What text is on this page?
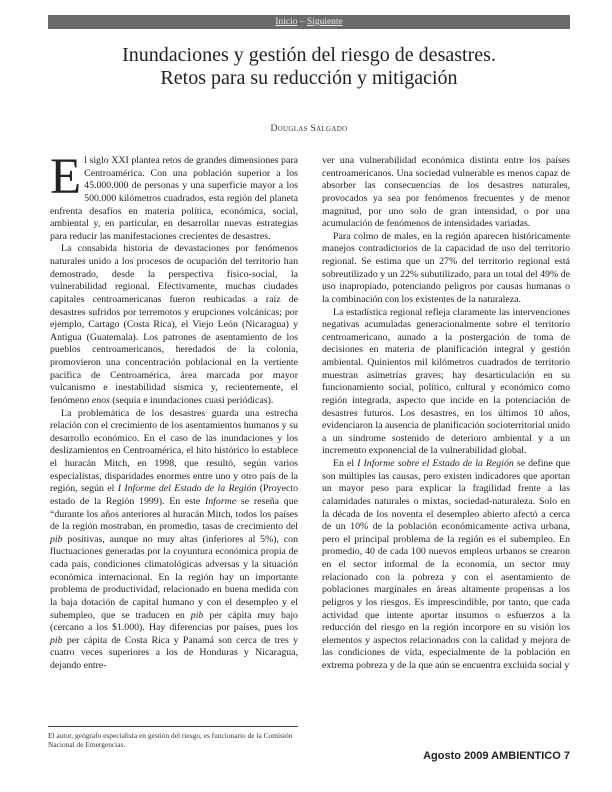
Inicio – Siguiente
Inundaciones y gestión del riesgo de desastres.
Retos para su reducción y mitigación
Douglas Salgado

El siglo XXI plantea retos de grandes dimensiones para Centroamérica. Con una población superior a los 45.000.000 de personas y una superficie mayor a los 500.000 kilómetros cuadrados, esta región del planeta enfrenta desafíos en materia política, económica, social, ambiental y, en particular, en desarrollar nuevas estrategias para reducir las manifestaciones crecientes de desastres.

La consabida historia de devastaciones por fenómenos naturales unido a los procesos de ocupación del territorio han demostrado, desde la perspectiva físico-social, la vulnerabilidad regional. Efectivamente, muchas ciudades capitales centroamericanas fueron reubicadas a raíz de desastres sufridos por terremotos y erupciones volcánicas; por ejemplo, Cartago (Costa Rica), el Viejo León (Nicaragua) y Antigua (Guatemala). Los patrones de asentamiento de los pueblos centroamericanos, heredados de la colonia, promovieron una concentración poblacional en la vertiente pacífica de Centroamérica, área marcada por mayor vulcanismo e inestabilidad sísmica y, recientemente, el fenómeno enos (sequía e inundaciones cuasi periódicas).

La problemática de los desastres guarda una estrecha relación con el crecimiento de los asentamientos humanos y su desarrollo económico. En el caso de las inundaciones y los deslizamientos en Centroamérica, el hito histórico lo establece el huracán Mitch, en 1998, que resultó, según varios especialistas, disparidades enormes entre uno y otro país de la región, según el I Informe del Estado de la Región (Proyecto estado de la Región 1999). En este Informe se reseña que “durante los años anteriores al huracán Mitch, todos los países de la región mostraban, en promedio, tasas de crecimiento del pib positivas, aunque no muy altas (inferiores al 5%), con fluctuaciones generadas por la coyuntura económica propia de cada país, condiciones climatológicas adversas y la situación económica internacional. En la región hay un importante problema de productividad, relacionado en buena medida con la baja dotación de capital humano y con el desempleo y el subempleo, que se traducen en pib per cápita muy bajo (cercano a los $1.000). Hay diferencias por países, pues los pib per cápita de Costa Rica y Panamá son cerca de tres y cuatro veces superiores a los de Honduras y Nicaragua, dejando entre-

ver una vulnerabilidad económica distinta entre los países centroamericanos. Una sociedad vulnerable es menos capaz de absorber las consecuencias de los desastres naturales, provocados ya sea por fenómenos frecuentes y de menor magnitud, por uno solo de gran intensidad, o por una acumulación de fenómenos de intensidades variadas.

Para colmo de males, en la región aparecen históricamente manejos contradictorios de la capacidad de uso del territorio regional. Se estima que un 27% del territorio regional está sobreutilizado y un 22% subutilizado, para un total del 49% de uso inapropiado, potenciando peligros por causas humanas o la combinación con los existentes de la naturaleza.

La estadística regional refleja claramente las intervenciones negativas acumuladas generacionalmente sobre el territorio centroamericano, aunado a la postergación de toma de decisiones en materia de planificación integral y gestión ambiental. Quinientos mil kilómetros cuadrados de territorio muestran asimetrías graves; hay desarticulación en su funcionamiento social, político, cultural y económico como región integrada, aspecto que incide en la potenciación de desastres futuros. Los desastres, en los últimos 10 años, evidenciaron la ausencia de planificación socioterritorial unido a un síndrome sostenido de deterioro ambiental y a un incremento exponencial de la vulnerabilidad global.

En el I Informe sobre el Estado de la Región se define que son múltiples las causas, pero existen indicadores que aportan un mayor peso para explicar la fragilidad frente a las calamidades naturales o mixtas, sociedad-naturaleza. Solo en la década de los noventa el desempleo abierto afectó a cerca de un 10% de la población económicamente activa urbana, pero el principal problema de la región es el subempleo. En promedio, 40 de cada 100 nuevos empleos urbanos se crearon en el sector informal de la economía, un sector muy relacionado con la pobreza y con el asentamiento de poblaciones marginales en áreas altamente propensas a los peligros y los riesgos. Es imprescindible, por tanto, que cada actividad que intente aportar insumos o esfuerzos a la reducción del riesgo en la región incorpore en su visión los elementos y aspectos relacionados con la calidad y mejora de las condiciones de vida, especialmente de la población en extrema pobreza y de la que aún se encuentra excluida social y

El autor, geógrafo especialista en gestión del riesgo, es funcionario de la Comisión Nacional de Emergencias.
Agosto 2009 AMBIENTICO 7
